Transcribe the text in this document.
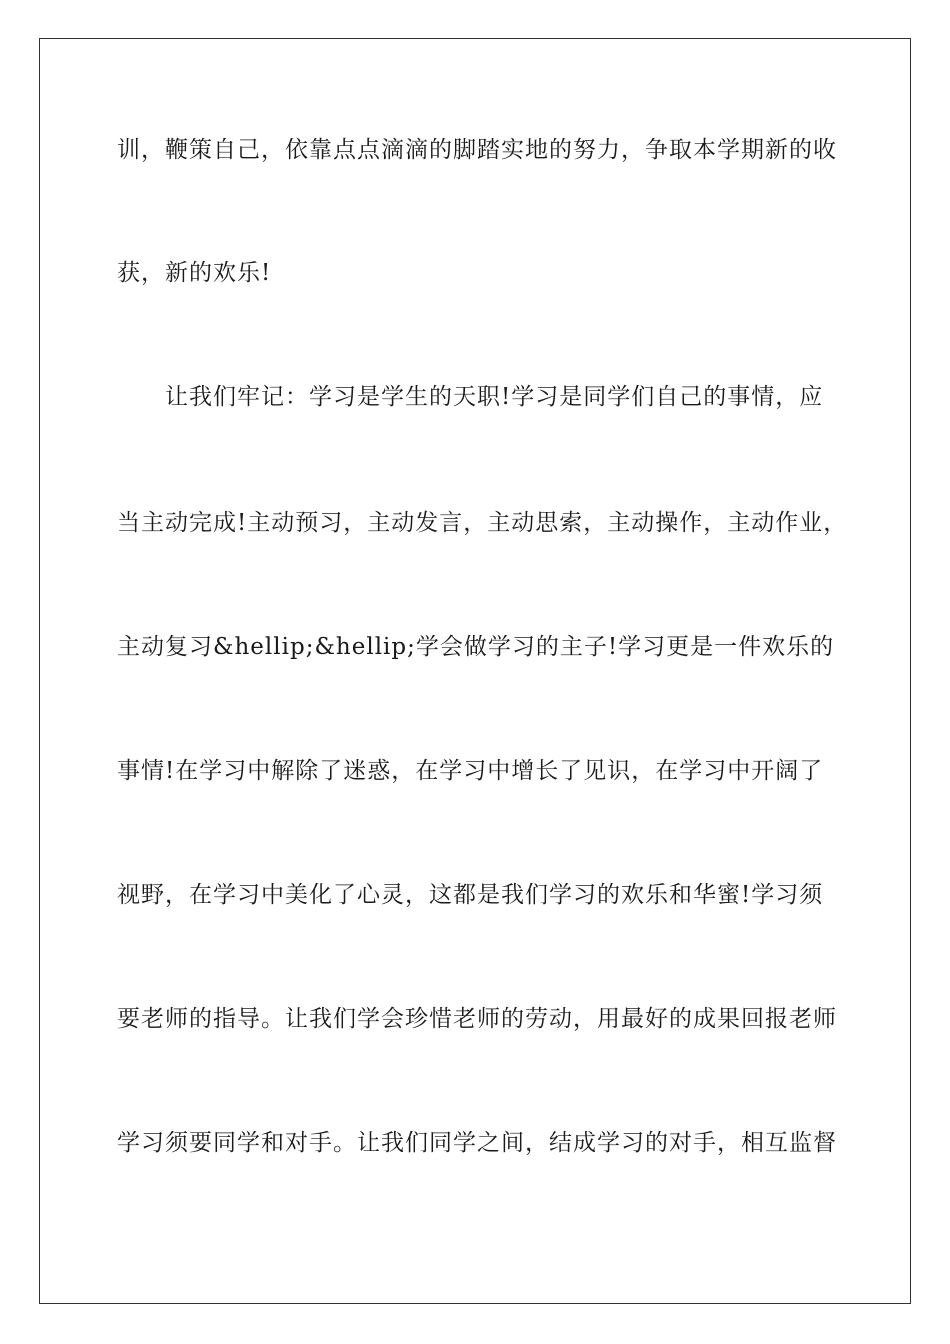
训，鞭策自己，依靠点点滴滴的脚踏实地的努力，争取本学期新的收

获，新的欢乐!

让我们牢记：学习是学生的天职!学习是同学们自己的事情，应

当主动完成!主动预习，主动发言，主动思索，主动操作，主动作业，

主动复习&hellip;&hellip;学会做学习的主子!学习更是一件欢乐的

事情!在学习中解除了迷惑，在学习中增长了见识，在学习中开阔了

视野，在学习中美化了心灵，这都是我们学习的欢乐和华蜜!学习须

要老师的指导。让我们学会珍惜老师的劳动，用最好的成果回报老师

学习须要同学和对手。让我们同学之间，结成学习的对手，相互监督
